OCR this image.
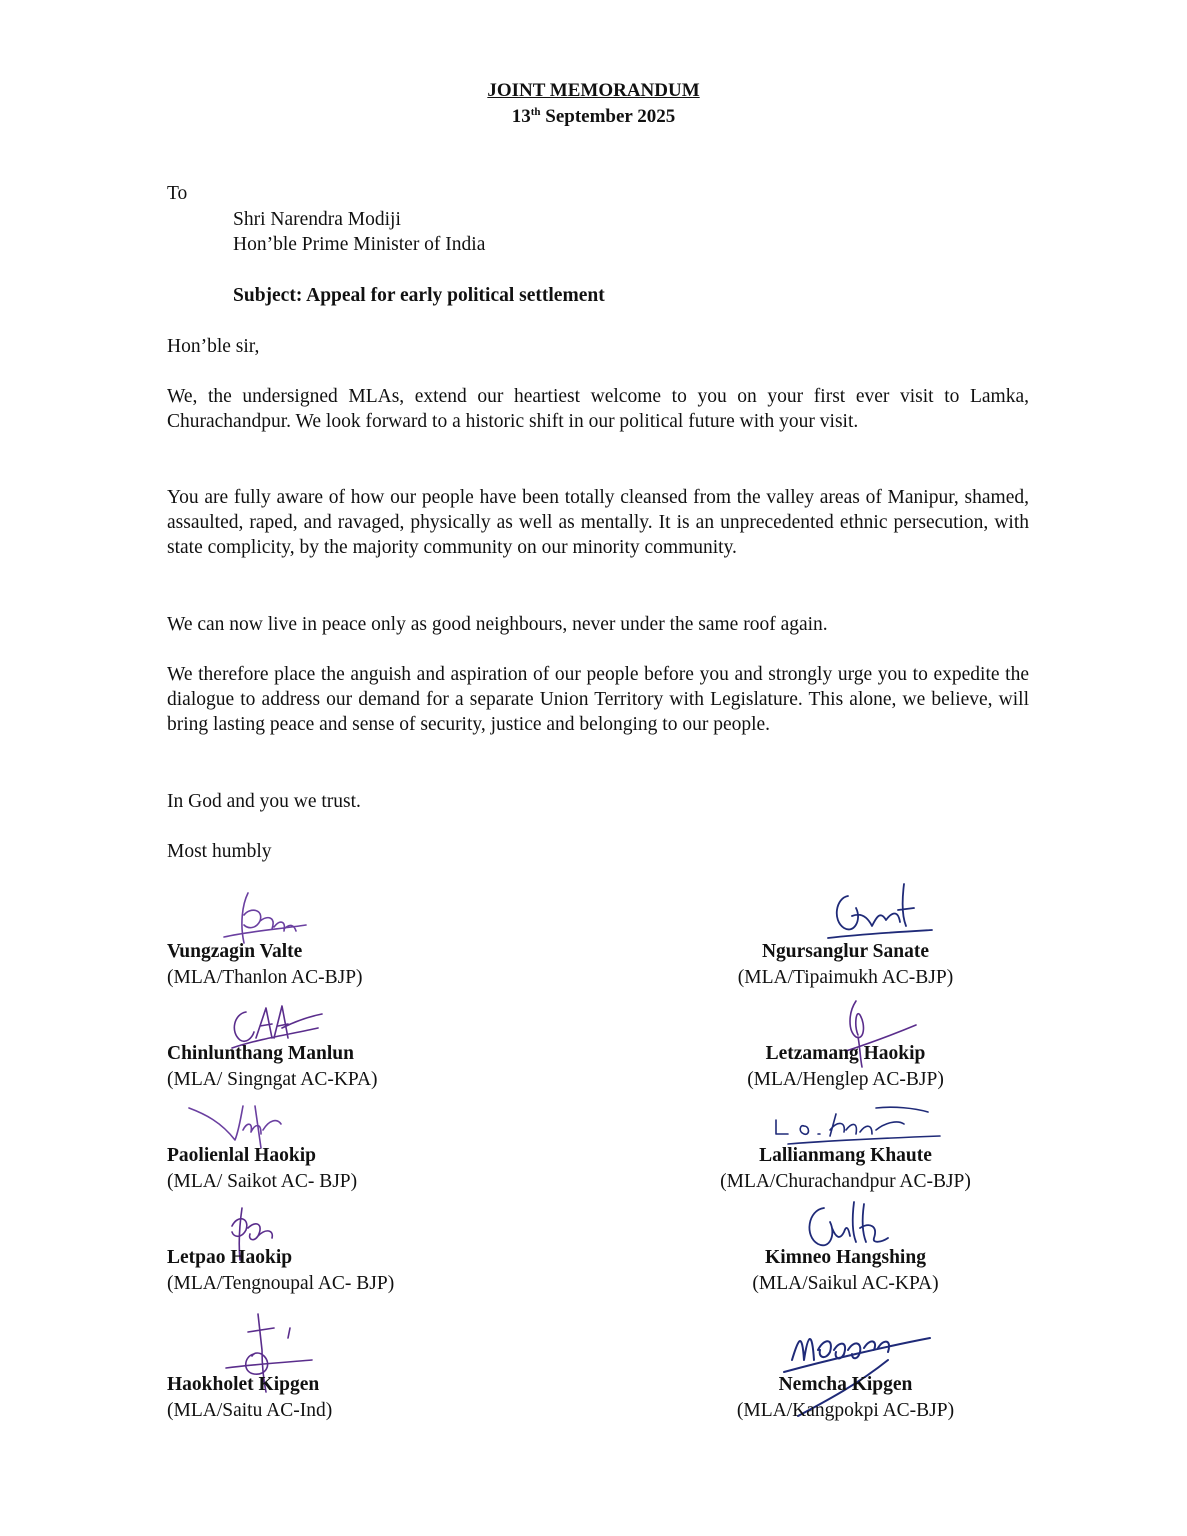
JOINT MEMORANDUM
13th September 2025

To

Shri Narendra Modiji

Hon’ble Prime Minister of India

Subject: Appeal for early political settlement

Hon’ble sir,

We, the undersigned MLAs, extend our heartiest welcome to you on your first ever visit to Lamka, Churachandpur. We look forward to a historic shift in our political future with your visit.

You are fully aware of how our people have been totally cleansed from the valley areas of Manipur, shamed, assaulted, raped, and ravaged, physically as well as mentally. It is an unprecedented ethnic persecution, with state complicity, by the majority community on our minority community.

We can now live in peace only as good neighbours, never under the same roof again.

We therefore place the anguish and aspiration of our people before you and strongly urge you to expedite the dialogue to address our demand for a separate Union Territory with Legislature. This alone, we believe, will bring lasting peace and sense of security, justice and belonging to our people.

In God and you we trust.

Most humbly

Vungzagin Valte
(MLA/Thanlon AC-BJP)
Chinlunthang Manlun
(MLA/ Singngat AC-KPA)
Paolienlal Haokip
(MLA/ Saikot AC- BJP)
Letpao Haokip
(MLA/Tengnoupal AC- BJP)
Haokholet Kipgen
(MLA/Saitu AC-Ind)
Ngursanglur Sanate
(MLA/Tipaimukh AC-BJP)
Letzamang Haokip
(MLA/Henglep AC-BJP)
Lallianmang Khaute
(MLA/Churachandpur AC-BJP)
Kimneo Hangshing
(MLA/Saikul AC-KPA)
Nemcha Kipgen
(MLA/Kangpokpi AC-BJP)
